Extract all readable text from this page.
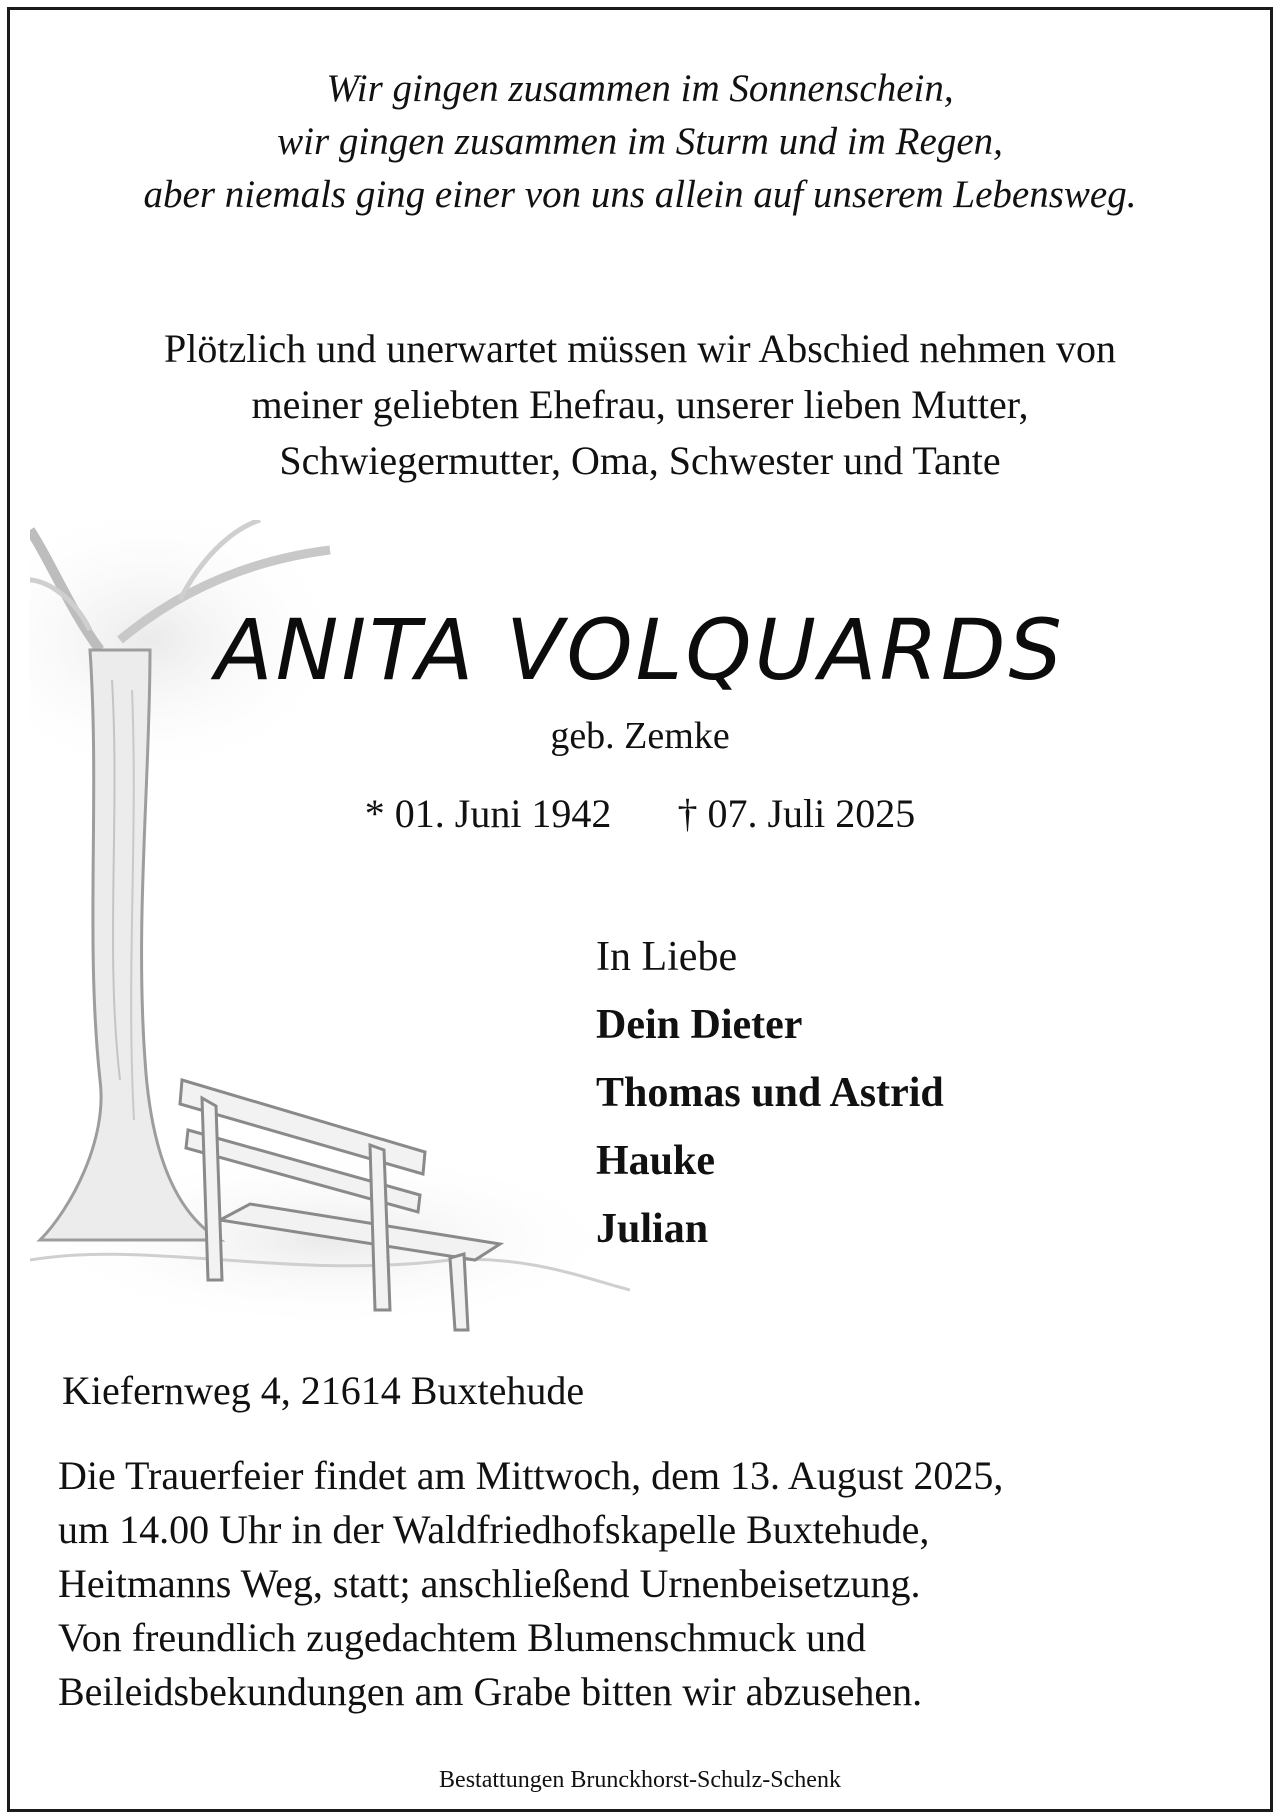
Wir gingen zusammen im Sonnenschein,
wir gingen zusammen im Sturm und im Regen,
aber niemals ging einer von uns allein auf unserem Lebensweg.
Plötzlich und unerwartet müssen wir Abschied nehmen von
meiner geliebten Ehefrau, unserer lieben Mutter,
Schwiegermutter, Oma, Schwester und Tante
ANITA VOLQUARDS
geb. Zemke
* 01. Juni 1942 † 07. Juli 2025
In Liebe
Dein Dieter
Thomas und Astrid
Hauke
Julian
Kiefernweg 4, 21614 Buxtehude
Die Trauerfeier findet am Mittwoch, dem 13. August 2025,
um 14.00 Uhr in der Waldfriedhofskapelle Buxtehude,
Heitmanns Weg, statt; anschließend Urnenbeisetzung.
Von freundlich zugedachtem Blumenschmuck und
Beileidsbekundungen am Grabe bitten wir abzusehen.
Bestattungen Brunckhorst-Schulz-Schenk
